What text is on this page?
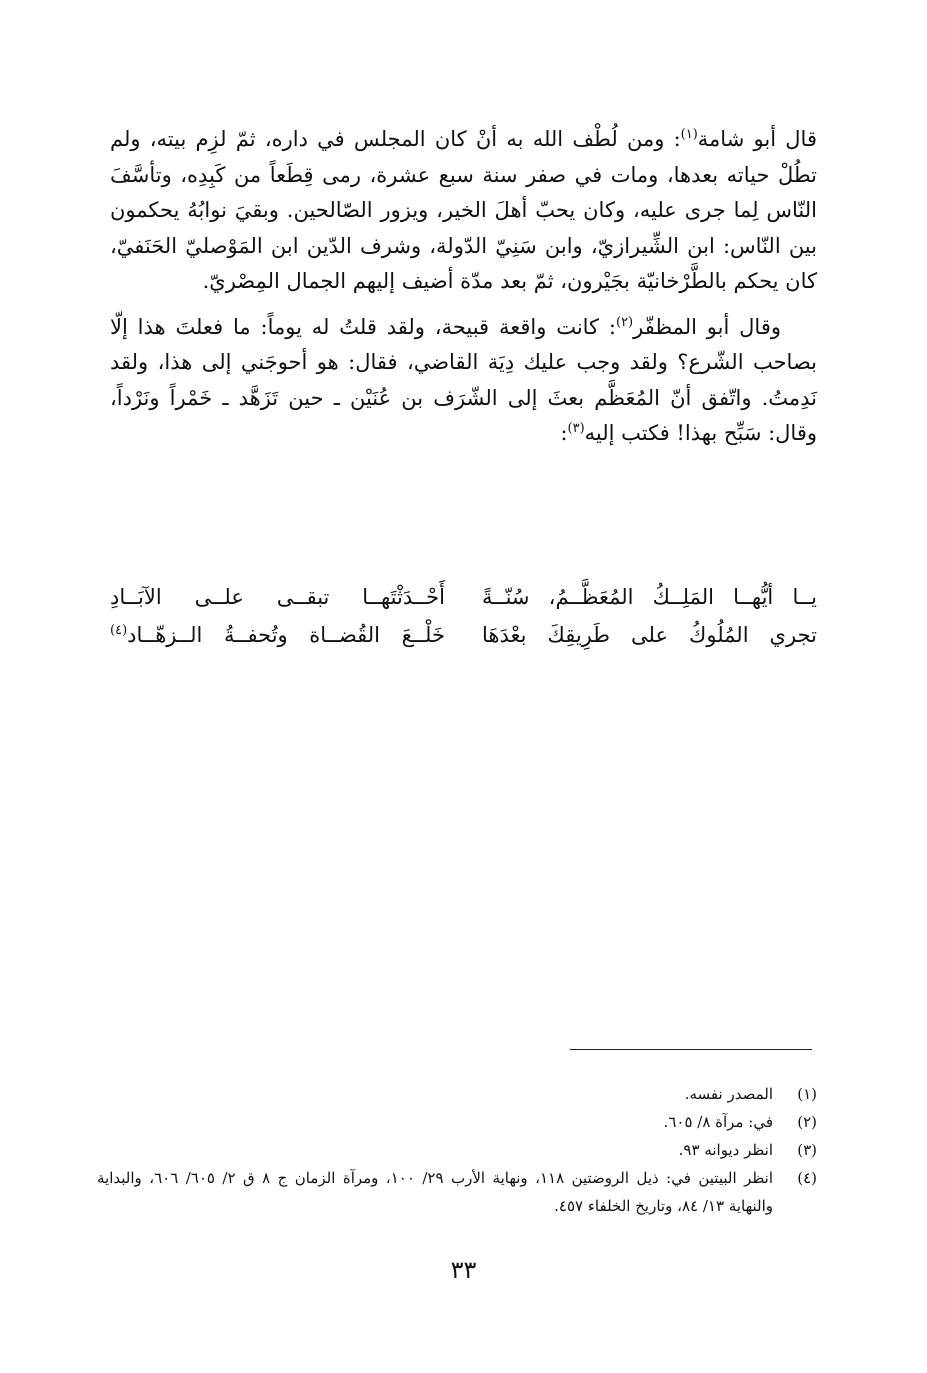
قال أبو شامة$^{(١)}$: ومن لُطْف الله به أنْ كان المجلس في داره، ثمّ لزِم بيته، ولم تطُلْ حياته بعدها، ومات في صفر سنة سبع عشرة، رمى قِطَعاً من كَبِدِه، وتأسَّفَ النّاس لِما جرى عليه، وكان يحبّ أهلَ الخير، ويزور الصّالحين. وبقيَ نوابُهُ يحكمون بين النّاس: ابن الشِّيرازيّ، وابن سَنِيّ الدّولة، وشرف الدّين ابن المَوْصليّ الحَنَفيّ، كان يحكم بالطَّرْخانيّة بجَيْرون، ثمّ بعد مدّة أضيف إليهم الجمال المِصْريّ.

وقال أبو المظفّر$^{(٢)}$: كانت واقعة قبيحة، ولقد قلتُ له يوماً: ما فعلتَ هذا إلّا بصاحب الشّرع؟ ولقد وجب عليك دِيَة القاضي، فقال: هو أحوجَني إلى هذا، ولقد نَدِمتُ. واتّفق أنّ المُعَظَّم بعثَ إلى الشّرَف بن عُنَيْن ـ حين تَزَهَّد ـ خَمْراً ونَرْداً، وقال: سَبِّح بهذا! فكتب إليه$^{(٣)}$:

يــا أيُّهــا المَلِــكُ المُعَظَّــمُ، سُنّــةً
أَحْــدَثْتَهــا تبقــى علــى الآبَــادِ
تجري المُلُوكُ على طَرِيقِكَ بعْدَهَا
خَلْــعَ القُضــاة وتُحفــةُ الــزهّــاد$^{(٤)}$
(١)
المصدر نفسه.
(٢)
في: مرآة ٨/ ٦٠٥.
(٣)
انظر ديوانه ٩٣.
(٤)
انظر البيتين في: ذيل الروضتين ١١٨، ونهاية الأرب ٢٩/ ١٠٠، ومرآة الزمان ج ٨ ق ٢/ ٦٠٥/ ٦٠٦، والبداية والنهاية ١٣/ ٨٤، وتاريخ الخلفاء ٤٥٧.
٣٣
